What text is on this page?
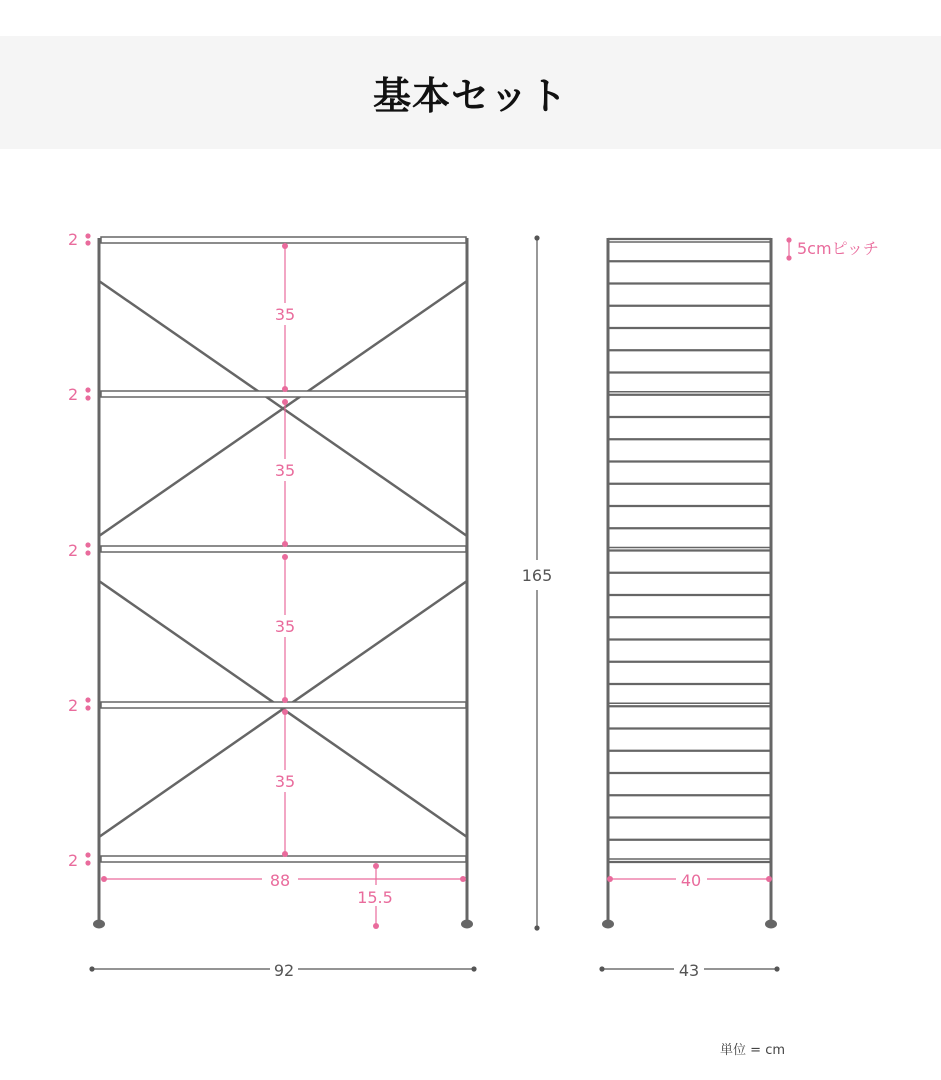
基本セット
35
35
35
35
2
2
2
2
2
88
15.5
92
165
5cmピッチ
40
43
単位 = cm
